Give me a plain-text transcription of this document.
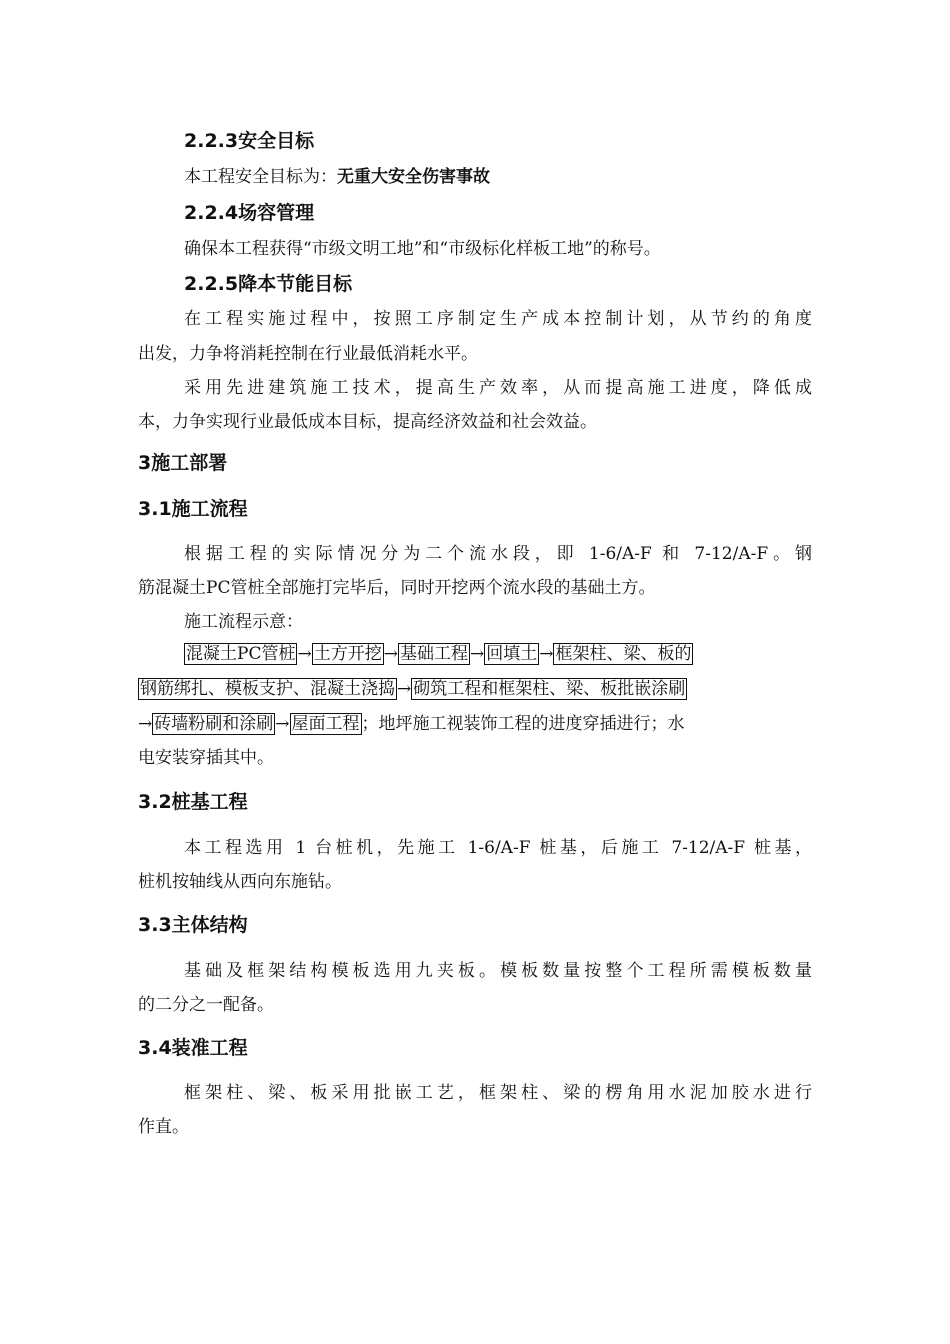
2.2.3安全目标
本工程安全目标为：无重大安全伤害事故
2.2.4场容管理
确保本工程获得“市级文明工地”和“市级标化样板工地”的称号。
2.2.5降本节能目标
在工程实施过程中，按照工序制定生产成本控制计划，从节约的角度
出发，力争将消耗控制在行业最低消耗水平。
采用先进建筑施工技术，提高生产效率，从而提高施工进度，降低成
本，力争实现行业最低成本目标，提高经济效益和社会效益。
3施工部署
3.1施工流程
根据工程的实际情况分为二个流水段，即 1-6/A-F 和 7-12/A-F。钢
筋混凝土PC管桩全部施打完毕后，同时开挖两个流水段的基础土方。
施工流程示意：
混凝土PC管桩 → 土方开挖 → 基础工程 → 回填土 → 框架柱、梁、板的
钢筋绑扎、模板支护、混凝土浇捣 → 砌筑工程和框架柱、梁、板批嵌涂刷
→ 砖墙粉刷和涂刷 → 屋面工程 ；地坪施工视装饰工程的进度穿插进行；水
电安装穿插其中。
3.2桩基工程
本工程选用 1 台桩机，先施工 1-6/A-F 桩基，后施工 7-12/A-F 桩基，
桩机按轴线从西向东施钻。
3.3主体结构
基础及框架结构模板选用九夹板。模板数量按整个工程所需模板数量
的二分之一配备。
3.4装准工程
框架柱、梁、板采用批嵌工艺，框架柱、梁的楞角用水泥加胶水进行
作直。
